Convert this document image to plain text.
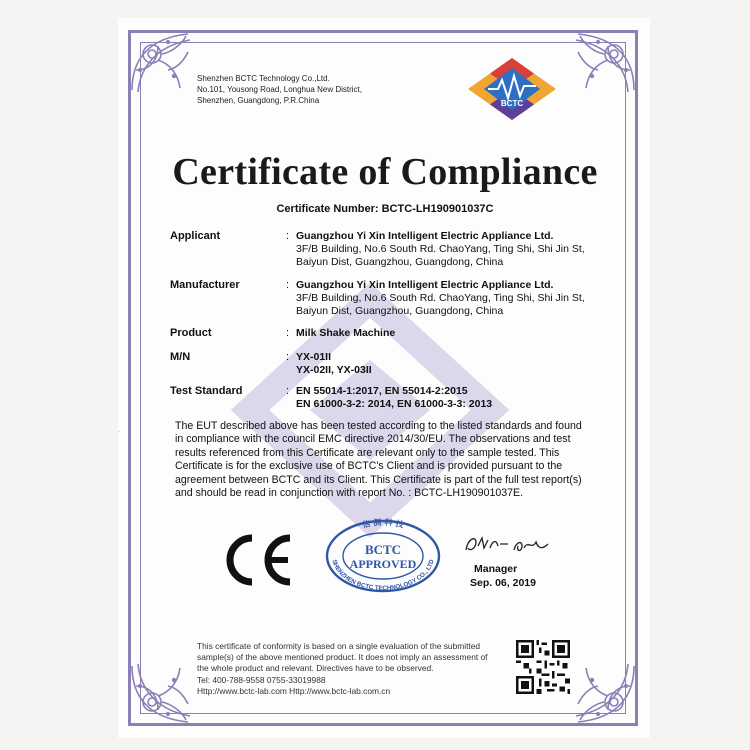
Shenzhen BCTC Technology Co.,Ltd.
No.101, Yousong Road, Longhua New District,
Shenzhen, Guangdong, P.R.China	BCTC
Certificate of Compliance
Certificate Number: BCTC-LH190901037C
Applicant	: Guangzhou Yi Xin Intelligent Electric Appliance Ltd.
3F/B Building, No.6 South Rd. ChaoYang, Ting Shi, Shi Jin St,
Baiyun Dist, Guangzhou, Guangdong, China
Manufacturer	: Guangzhou Yi Xin Intelligent Electric Appliance Ltd.
3F/B Building, No.6 South Rd. ChaoYang, Ting Shi, Shi Jin St,
Baiyun Dist, Guangzhou, Guangdong, China
Product	: Milk Shake Machine
M/N	: YX-01II
YX-02II, YX-03II
Test Standard	: EN 55014-1:2017, EN 55014-2:2015
EN 61000-3-2: 2014, EN 61000-3-3: 2013
The EUT described above has been tested according to the listed standards and found
in compliance with the council EMC directive 2014/30/EU. The observations and test
results referenced from this Certificate are relevant only to the sample tested. This
Certificate is for the exclusive use of BCTC's Client and is provided pursuant to the
agreement between BCTC and its Client. This Certificate is part of the full test report(s)
and should be read in conjunction with report No. : BCTC-LH190901037E.
CE
信 测 科 技
SHENZHEN BCTC TECHNOLOGY CO., LTD
BCTC
APPROVED	Manager
Sep. 06, 2019
This certificate of conformity is based on a single evaluation of the submitted
sample(s) of the above mentioned product. It does not imply an assessment of
the whole product and relevant. Directives have to be observed.
Tel: 400-788-9558 0755-33019988
Http://www.bctc-lab.com Http://www.bctc-lab.com.cn
